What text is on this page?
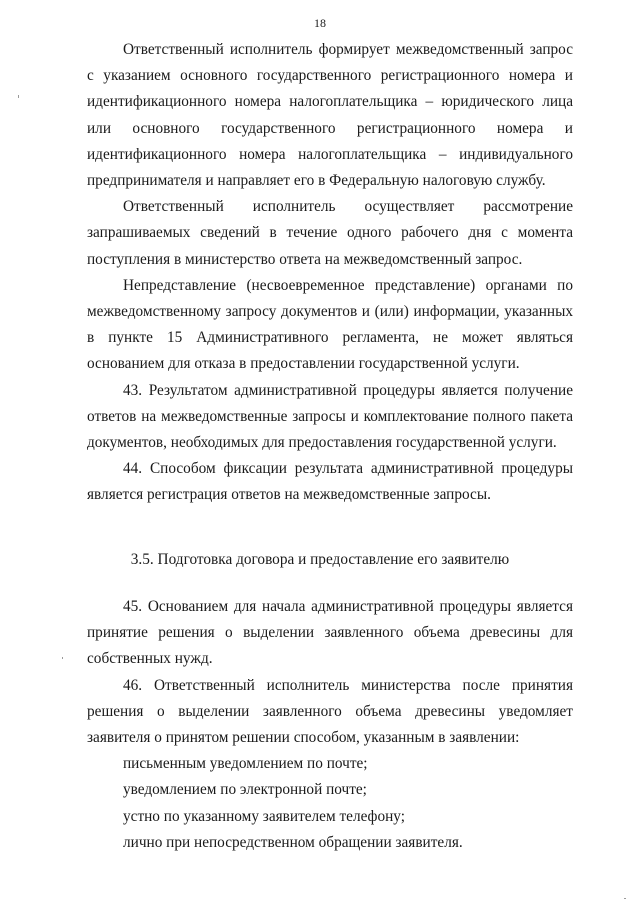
18

Ответственный исполнитель формирует межведомственный запрос с указанием основного государственного регистрационного номера и идентификационного номера налогоплательщика – юридического лица или основного государственного регистрационного номера и идентификационного номера налогоплательщика – индивидуального предпринимателя и направляет его в Федеральную налоговую службу.

Ответственный исполнитель осуществляет рассмотрение запрашиваемых сведений в течение одного рабочего дня с момента поступления в министерство ответа на межведомственный запрос.

Непредставление (несвоевременное представление) органами по межведомственному запросу документов и (или) информации, указанных в пункте 15 Административного регламента, не может являться основанием для отказа в предоставлении государственной услуги.

43. Результатом административной процедуры является получение ответов на межведомственные запросы и комплектование полного пакета документов, необходимых для предоставления государственной услуги.

44. Способом фиксации результата административной процедуры является регистрация ответов на межведомственные запросы.

3.5. Подготовка договора и предоставление его заявителю

45. Основанием для начала административной процедуры является принятие решения о выделении заявленного объема древесины для собственных нужд.

46. Ответственный исполнитель министерства после принятия решения о выделении заявленного объема древесины уведомляет заявителя о принятом решении способом, указанным в заявлении:

письменным уведомлением по почте;

уведомлением по электронной почте;

устно по указанному заявителем телефону;

лично при непосредственном обращении заявителя.
